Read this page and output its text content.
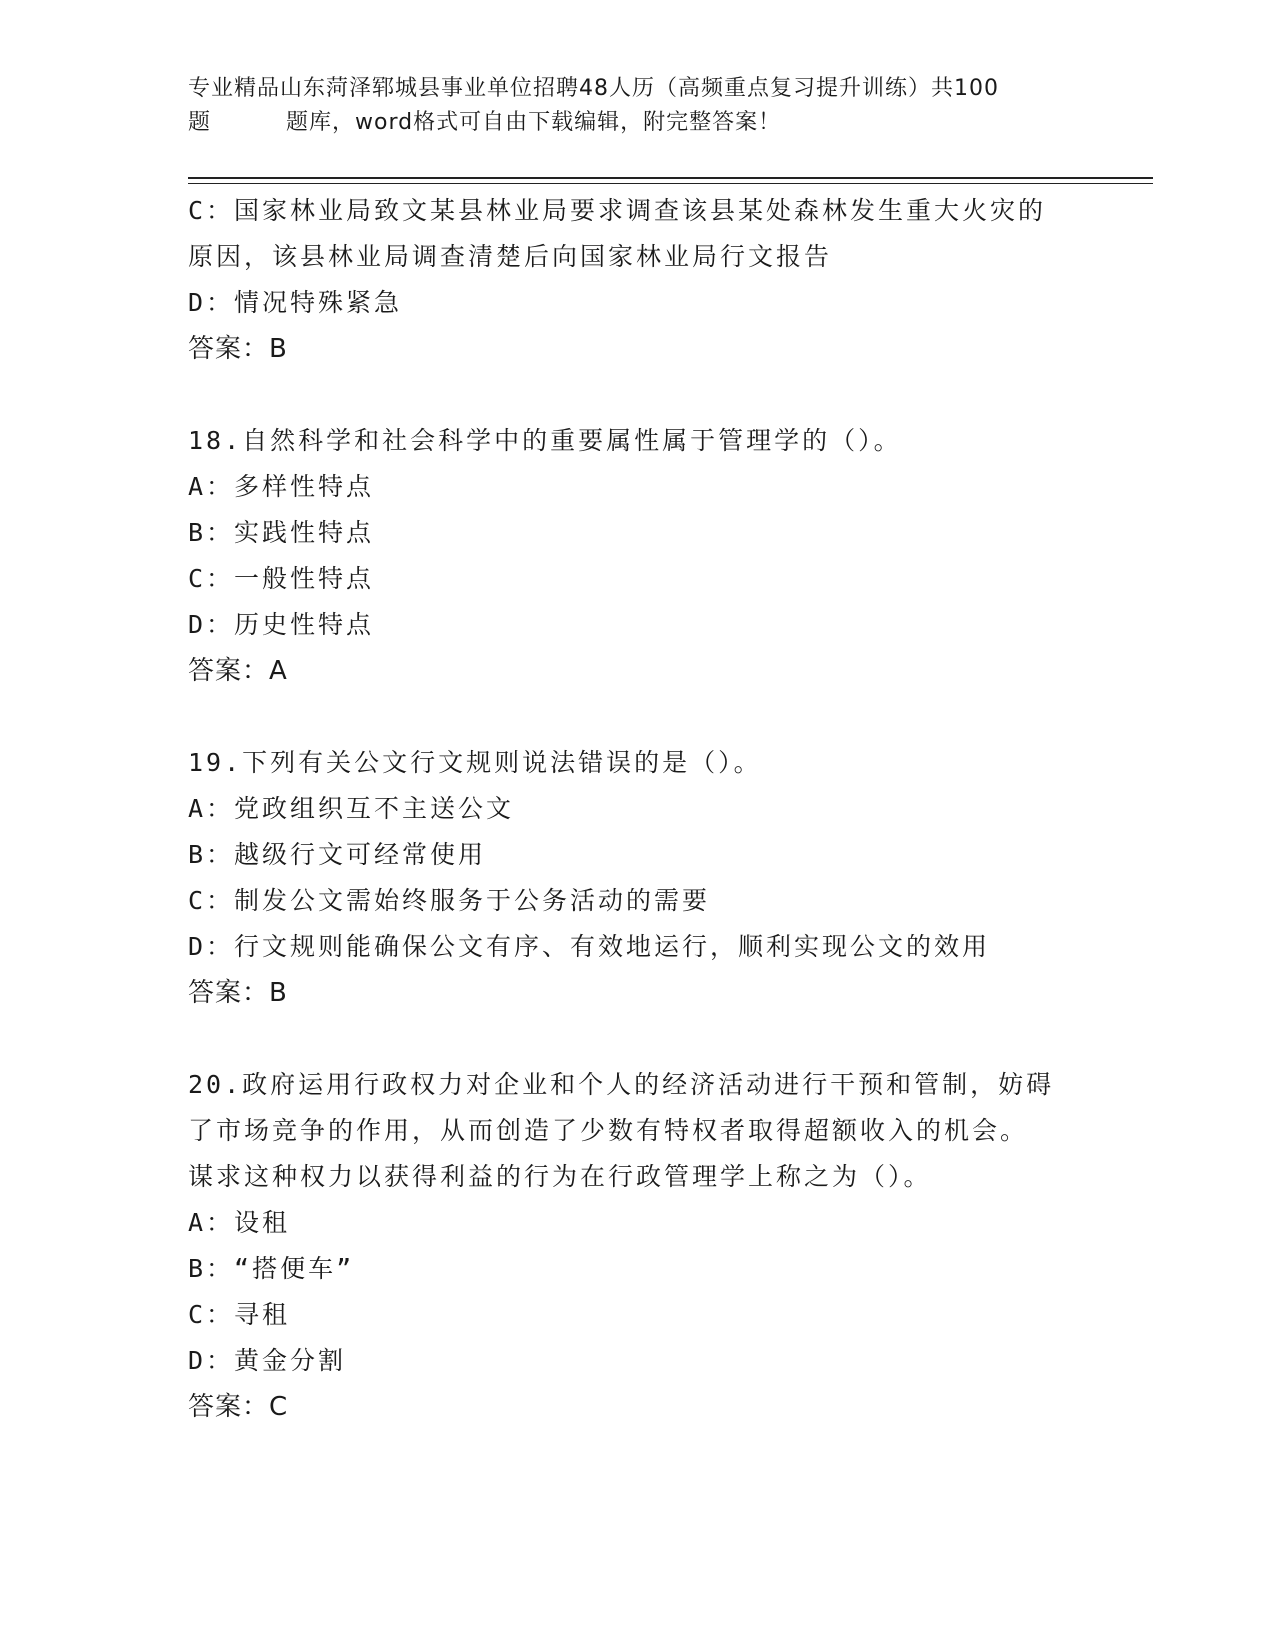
专业精品山东菏泽郓城县事业单位招聘48人历（高频重点复习提升训练）共100
题	题库，word格式可自由下载编辑，附完整答案！
C：国家林业局致文某县林业局要求调查该县某处森林发生重大火灾的
原因，该县林业局调查清楚后向国家林业局行文报告
D：情况特殊紧急
答案：B
18.自然科学和社会科学中的重要属性属于管理学的（）。
A：多样性特点
B：实践性特点
C：一般性特点
D：历史性特点
答案：A
19.下列有关公文行文规则说法错误的是（）。
A：党政组织互不主送公文
B：越级行文可经常使用
C：制发公文需始终服务于公务活动的需要
D：行文规则能确保公文有序、有效地运行，顺利实现公文的效用
答案：B
20.政府运用行政权力对企业和个人的经济活动进行干预和管制，妨碍
了市场竞争的作用，从而创造了少数有特权者取得超额收入的机会。
谋求这种权力以获得利益的行为在行政管理学上称之为（）。
A：设租
B：“搭便车”
C：寻租
D：黄金分割
答案：C
